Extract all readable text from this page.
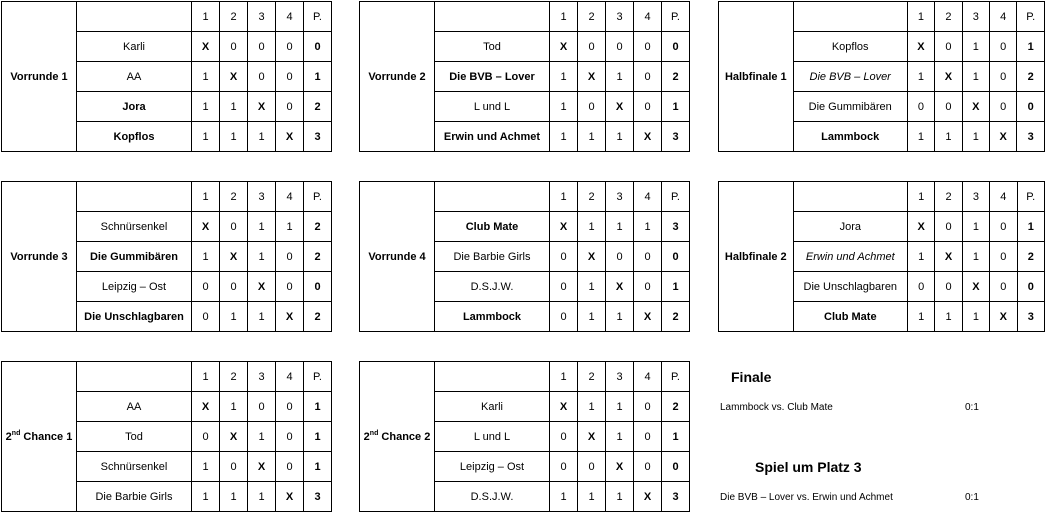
Vorrunde 1		1	2	3	4	P.
	Karli	X	0	0	0	0
	AA	1	X	0	0	1
	Jora	1	1	X	0	2
	Kopflos	1	1	1	X	3
Vorrunde 2		1	2	3	4	P.
	Tod	X	0	0	0	0
	Die BVB – Lover	1	X	1	0	2
	L und L	1	0	X	0	1
	Erwin und Achmet	1	1	1	X	3
Halbfinale 1		1	2	3	4	P.
	Kopflos	X	0	1	0	1
	Die BVB – Lover	1	X	1	0	2
	Die Gummibären	0	0	X	0	0
	Lammbock	1	1	1	X	3
Vorrunde 3		1	2	3	4	P.
	Schnürsenkel	X	0	1	1	2
	Die Gummibären	1	X	1	0	2
	Leipzig – Ost	0	0	X	0	0
	Die Unschlagbaren	0	1	1	X	2
Vorrunde 4		1	2	3	4	P.
	Club Mate	X	1	1	1	3
	Die Barbie Girls	0	X	0	0	0
	D.S.J.W.	0	1	X	0	1
	Lammbock	0	1	1	X	2
Halbfinale 2		1	2	3	4	P.
	Jora	X	0	1	0	1
	Erwin und Achmet	1	X	1	0	2
	Die Unschlagbaren	0	0	X	0	0
	Club Mate	1	1	1	X	3
2nd Chance 1		1	2	3	4	P.
	AA	X	1	0	0	1
	Tod	0	X	1	0	1
	Schnürsenkel	1	0	X	0	1
	Die Barbie Girls	1	1	1	X	3
2nd Chance 2		1	2	3	4	P.
	Karli	X	1	1	0	2
	L und L	0	X	1	0	1
	Leipzig – Ost	0	0	X	0	0
	D.S.J.W.	1	1	1	X	3
Finale
Lammbock vs. Club Mate	0:1
Spiel um Platz 3
Die BVB – Lover vs. Erwin und Achmet	0:1
